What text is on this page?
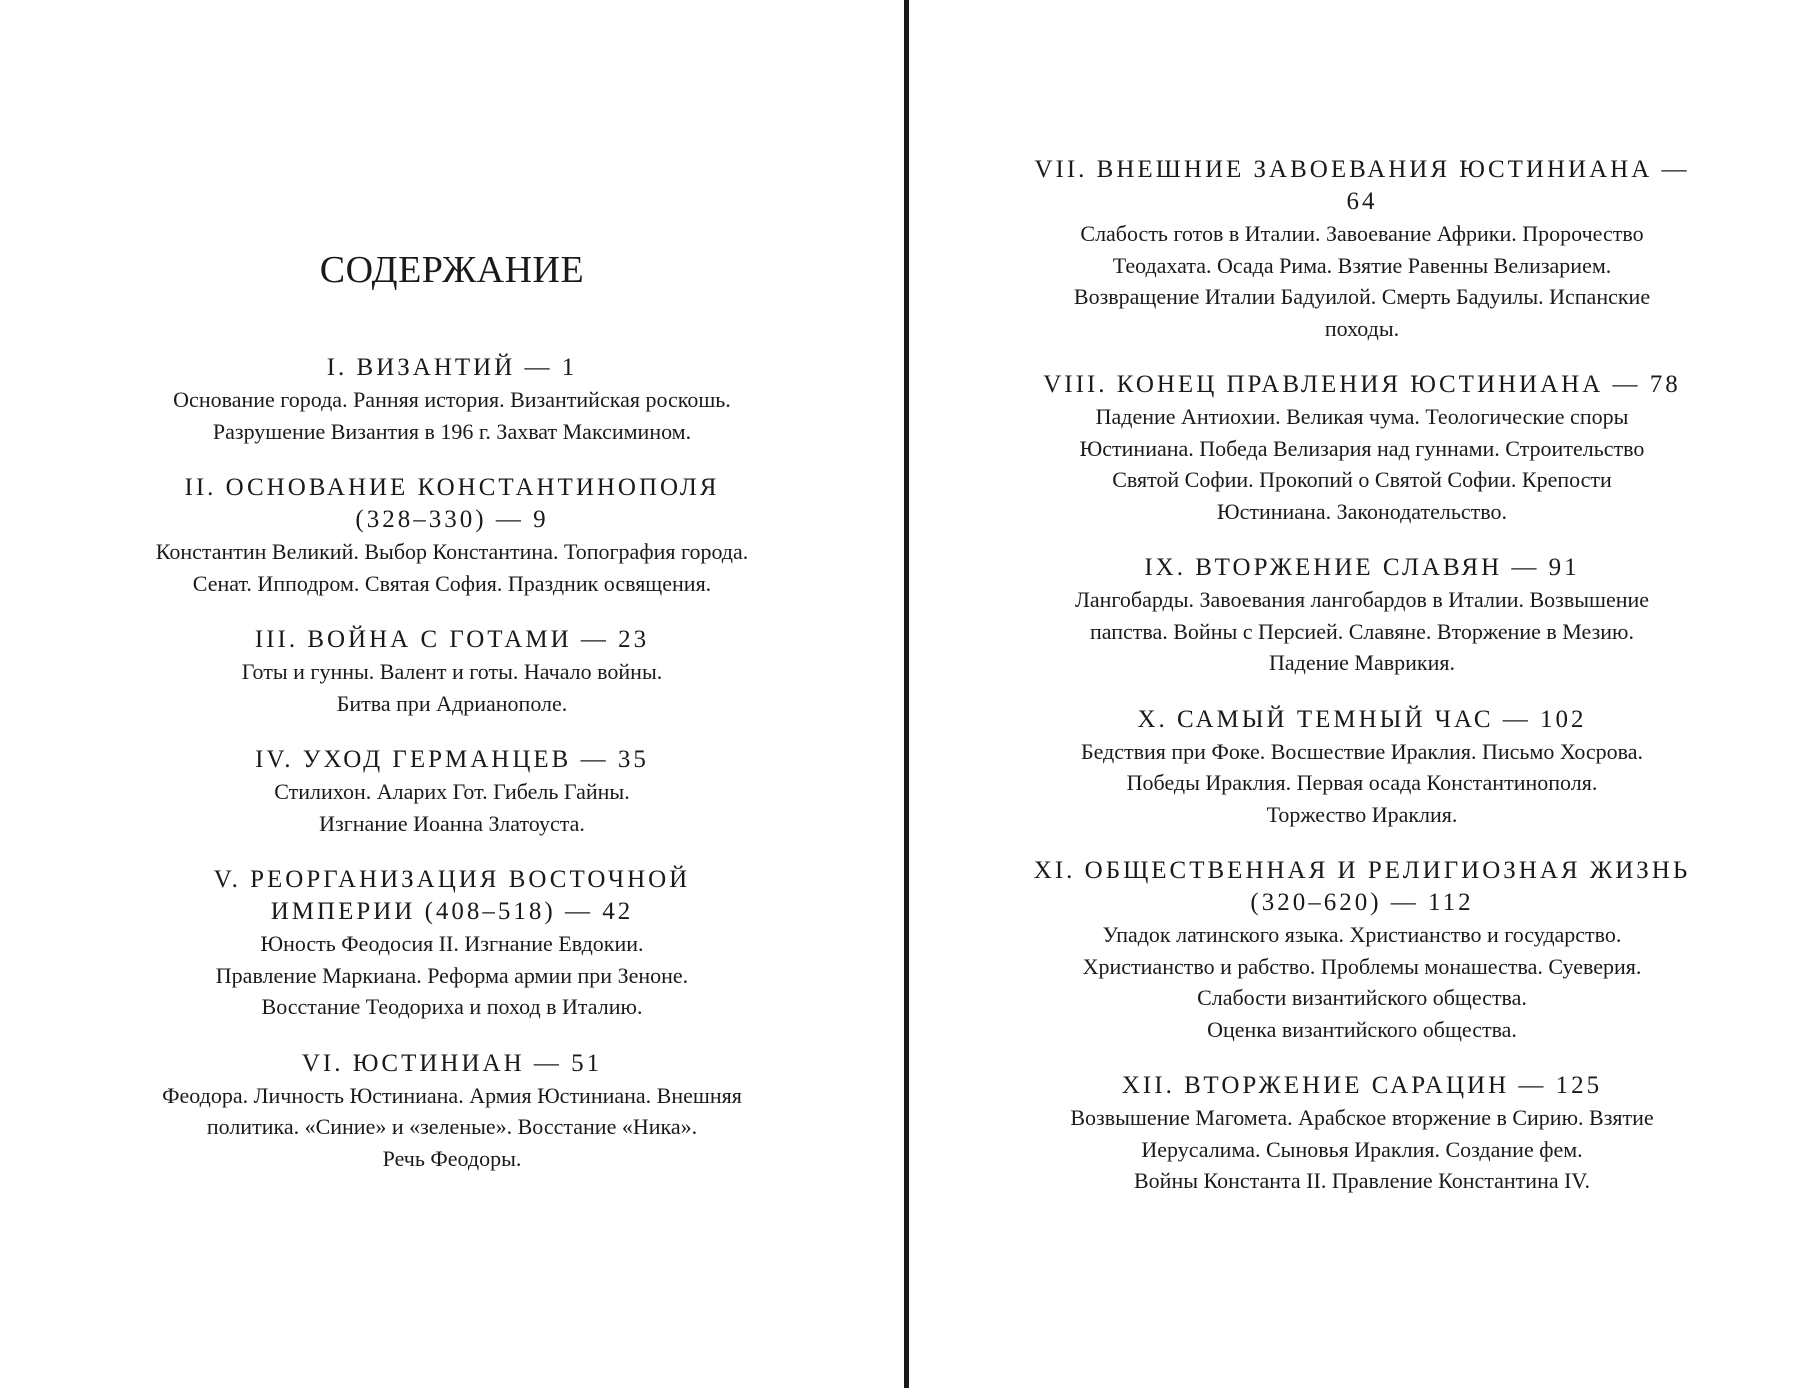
СОДЕРЖАНИЕ
I. ВИЗАНТИЙ — 1
Основание города. Ранняя история. Византийская роскошь.
Разрушение Византия в 196 г. Захват Максимином.
II. ОСНОВАНИЕ КОНСТАНТИНОПОЛЯ
(328–330) — 9
Константин Великий. Выбор Константина. Топография города.
Сенат. Ипподром. Святая София. Праздник освящения.
III. ВОЙНА С ГОТАМИ — 23
Готы и гунны. Валент и готы. Начало войны.
Битва при Адрианополе.
IV. УХОД ГЕРМАНЦЕВ — 35
Стилихон. Аларих Гот. Гибель Гайны.
Изгнание Иоанна Златоуста.
V. РЕОРГАНИЗАЦИЯ ВОСТОЧНОЙ
ИМПЕРИИ (408–518) — 42
Юность Феодосия II. Изгнание Евдокии.
Правление Маркиана. Реформа армии при Зеноне.
Восстание Теодориха и поход в Италию.
VI. ЮСТИНИАН — 51
Феодора. Личность Юстиниана. Армия Юстиниана. Внешняя
политика. «Синие» и «зеленые». Восстание «Ника».
Речь Феодоры.
VII. ВНЕШНИЕ ЗАВОЕВАНИЯ ЮСТИНИАНА —
64
Слабость готов в Италии. Завоевание Африки. Пророчество
Теодахата. Осада Рима. Взятие Равенны Велизарием.
Возвращение Италии Бадуилой. Смерть Бадуилы. Испанские
походы.
VIII. КОНЕЦ ПРАВЛЕНИЯ ЮСТИНИАНА — 78
Падение Антиохии. Великая чума. Теологические споры
Юстиниана. Победа Велизария над гуннами. Строительство
Святой Софии. Прокопий о Святой Софии. Крепости
Юстиниана. Законодательство.
IX. ВТОРЖЕНИЕ СЛАВЯН — 91
Лангобарды. Завоевания лангобардов в Италии. Возвышение
папства. Войны с Персией. Славяне. Вторжение в Мезию.
Падение Маврикия.
X. САМЫЙ ТЕМНЫЙ ЧАС — 102
Бедствия при Фоке. Восшествие Ираклия. Письмо Хосрова.
Победы Ираклия. Первая осада Константинополя.
Торжество Ираклия.
XI. ОБЩЕСТВЕННАЯ И РЕЛИГИОЗНАЯ ЖИЗНЬ
(320–620) — 112
Упадок латинского языка. Христианство и государство.
Христианство и рабство. Проблемы монашества. Суеверия.
Слабости византийского общества.
Оценка византийского общества.
XII. ВТОРЖЕНИЕ САРАЦИН — 125
Возвышение Магомета. Арабское вторжение в Сирию. Взятие
Иерусалима. Сыновья Ираклия. Создание фем.
Войны Константа II. Правление Константина IV.
